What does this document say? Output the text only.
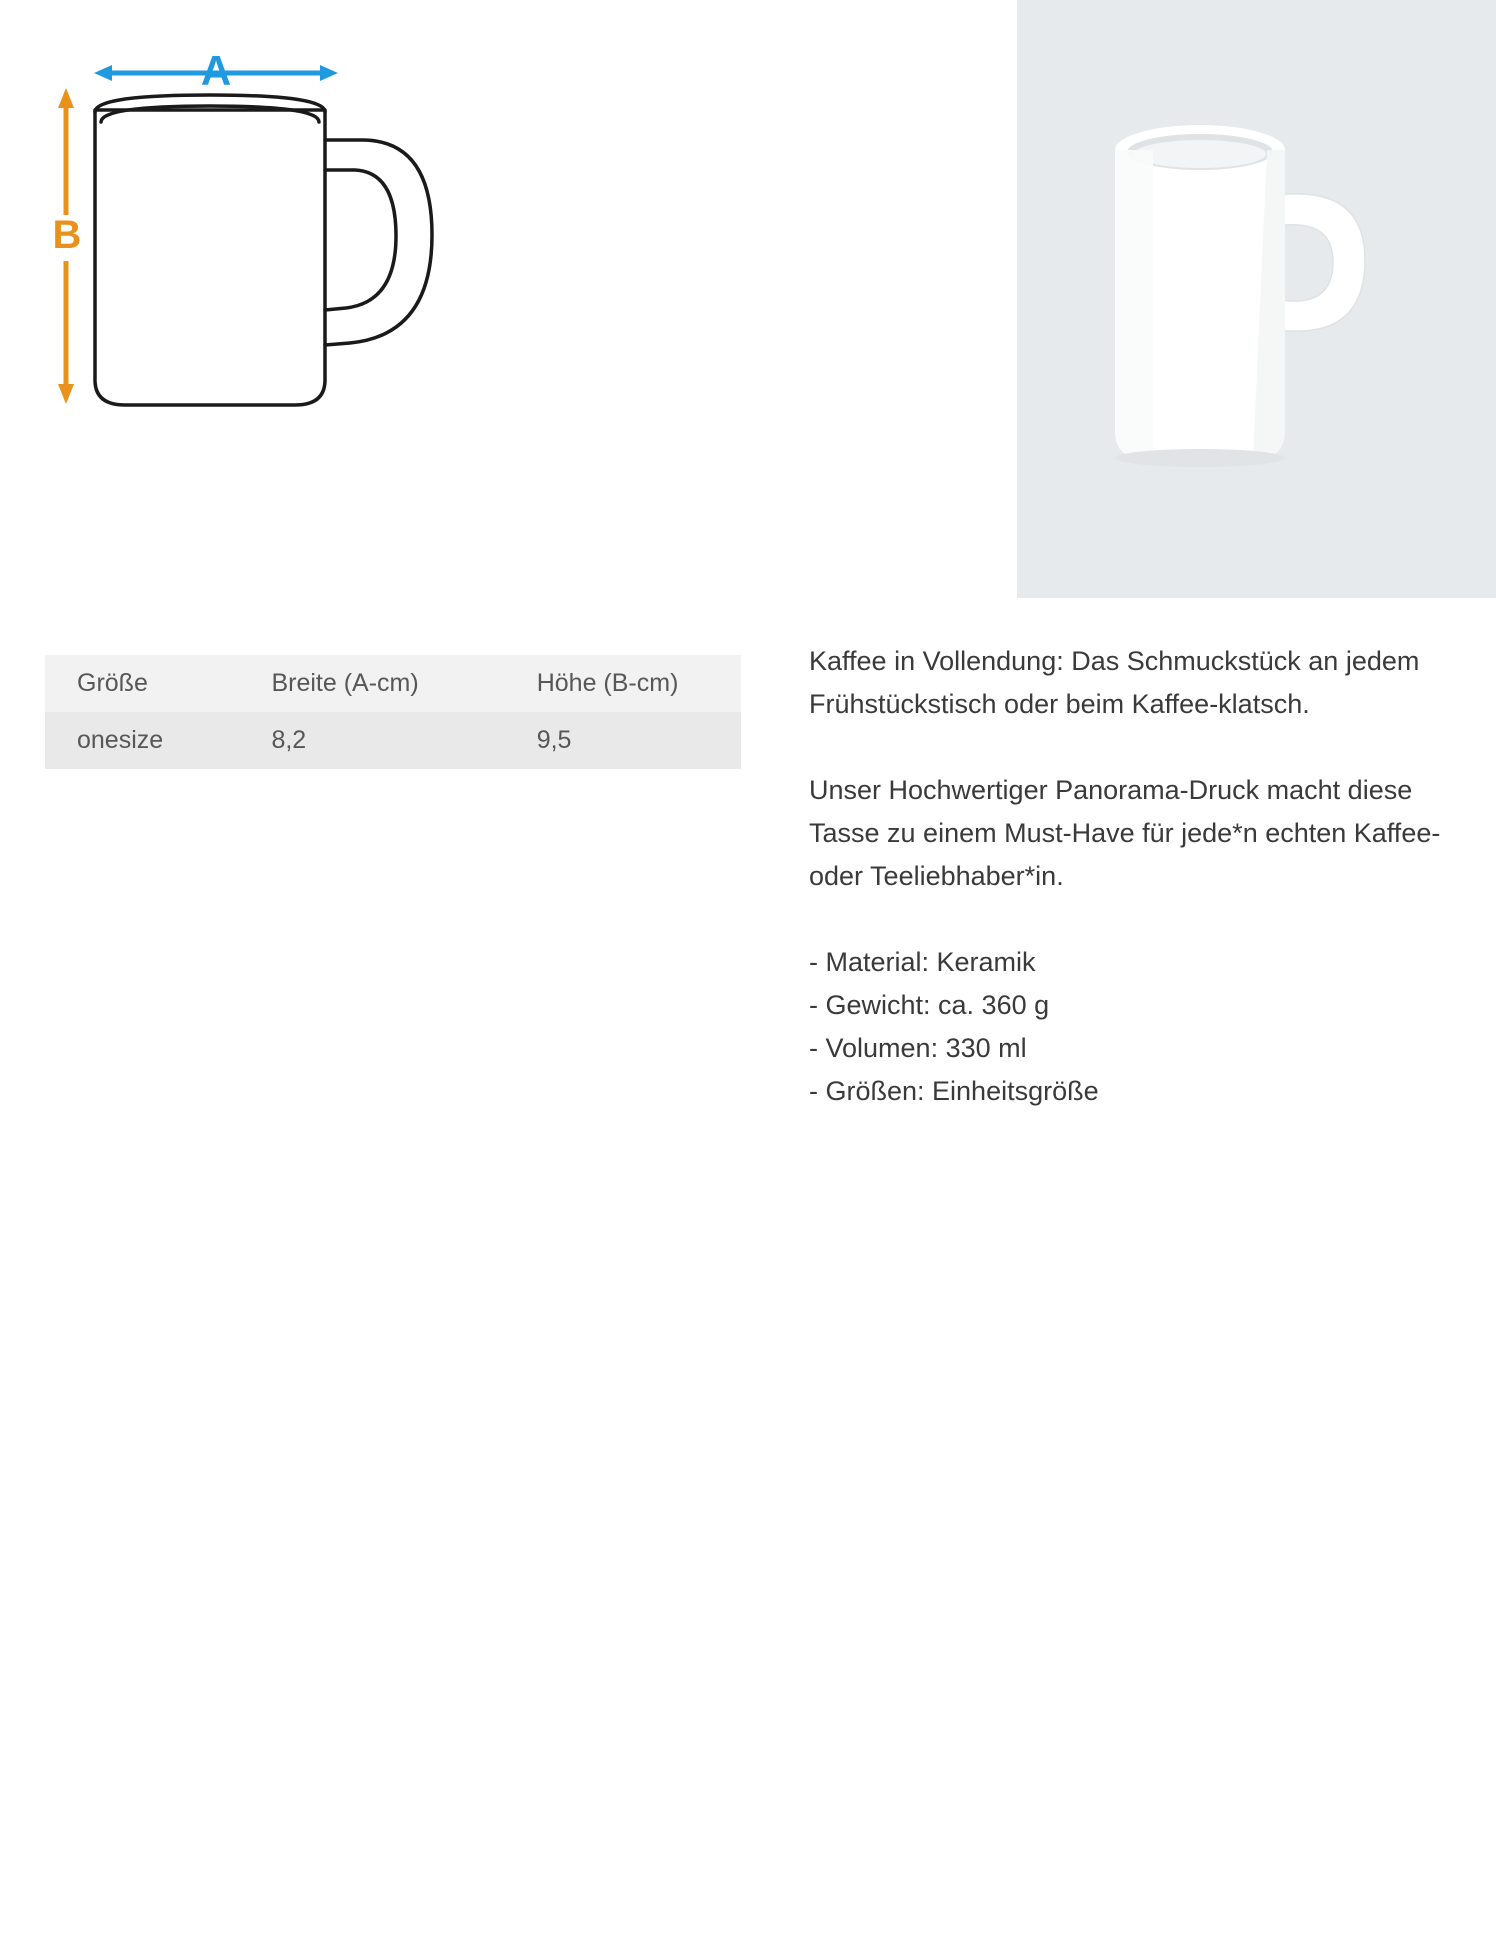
A
B
Größe	Breite (A-cm)	Höhe (B-cm)
onesize	8,2	9,5

Kaffee in Vollendung: Das Schmuckstück an jedem Frühstückstisch oder beim Kaffee-klatsch.

Unser Hochwertiger Panorama-Druck macht diese Tasse zu einem Must-Have für jede*n echten Kaffee- oder Teeliebhaber*in.

- Material: Keramik
- Gewicht: ca. 360 g
- Volumen: 330 ml
- Größen: Einheitsgröße
